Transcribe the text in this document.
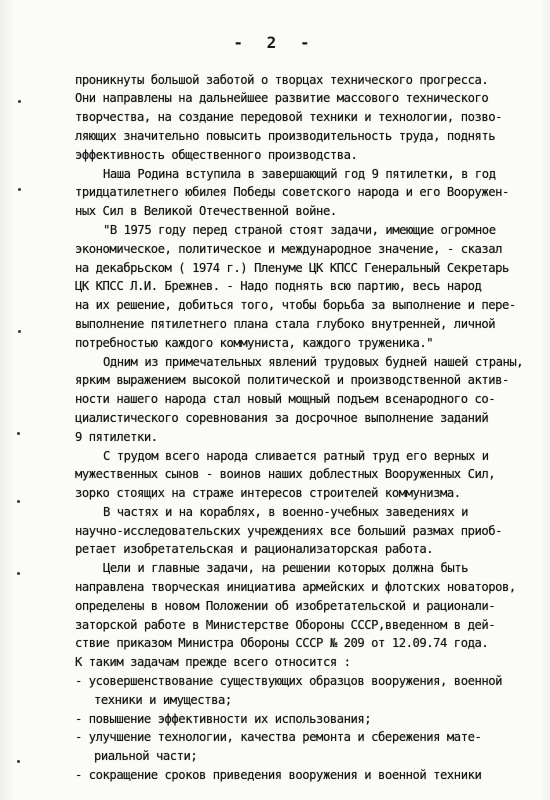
- 2 -
проникнуты большой заботой о творцах технического прогресса.
Они направлены на дальнейшее развитие массового технического
творчества, на создание передовой техники и технологии, позво-
ляющих значительно повысить производительность труда, поднять
эффективность общественного производства.
Наша Родина вступила в завершающий год 9 пятилетки, в год
тридцатилетнего юбилея Победы советского народа и его Вооружен-
ных Сил в Великой Отечественной войне.
"В 1975 году перед страной стоят задачи, имеющие огромное
экономическое, политическое и международное значение, - сказал
на декабрьском ( 1974 г.) Пленуме ЦК КПСС Генеральный Секретарь
ЦК КПСС Л.И. Брежнев. - Надо поднять всю партию, весь народ
на их решение, добиться того, чтобы борьба за выполнение и пере-
выполнение пятилетнего плана стала глубоко внутренней, личной
потребностью каждого коммуниста, каждого труженика."
Одним из примечательных явлений трудовых будней нашей страны,
ярким выражением высокой политической и производственной актив-
ности нашего народа стал новый мощный подъем всенародного со-
циалистического соревнования за досрочное выполнение заданий
9 пятилетки.
С трудом всего народа сливается ратный труд его верных и
мужественных сынов - воинов наших доблестных Вооруженных Сил,
зорко стоящих на страже интересов строителей коммунизма.
В частях и на кораблях, в военно-учебных заведениях и
научно-исследовательских учреждениях все больший размах приоб-
ретает изобретательская и рационализаторская работа.
Цели и главные задачи, на решении которых должна быть
направлена творческая инициатива армейских и флотских новаторов,
определены в новом Положении об изобретательской и рационали-
заторской работе в Министерстве Обороны СССР,введенном в дей-
ствие приказом Министра Обороны СССР № 209 от 12.09.74 года.
К таким задачам прежде всего относится :
- усовершенствование существующих образцов вооружения, военной
техники и имущества;
- повышение эффективности их использования;
- улучшение технологии, качества ремонта и сбережения мате-
риальной части;
- сокращение сроков приведения вооружения и военной техники
